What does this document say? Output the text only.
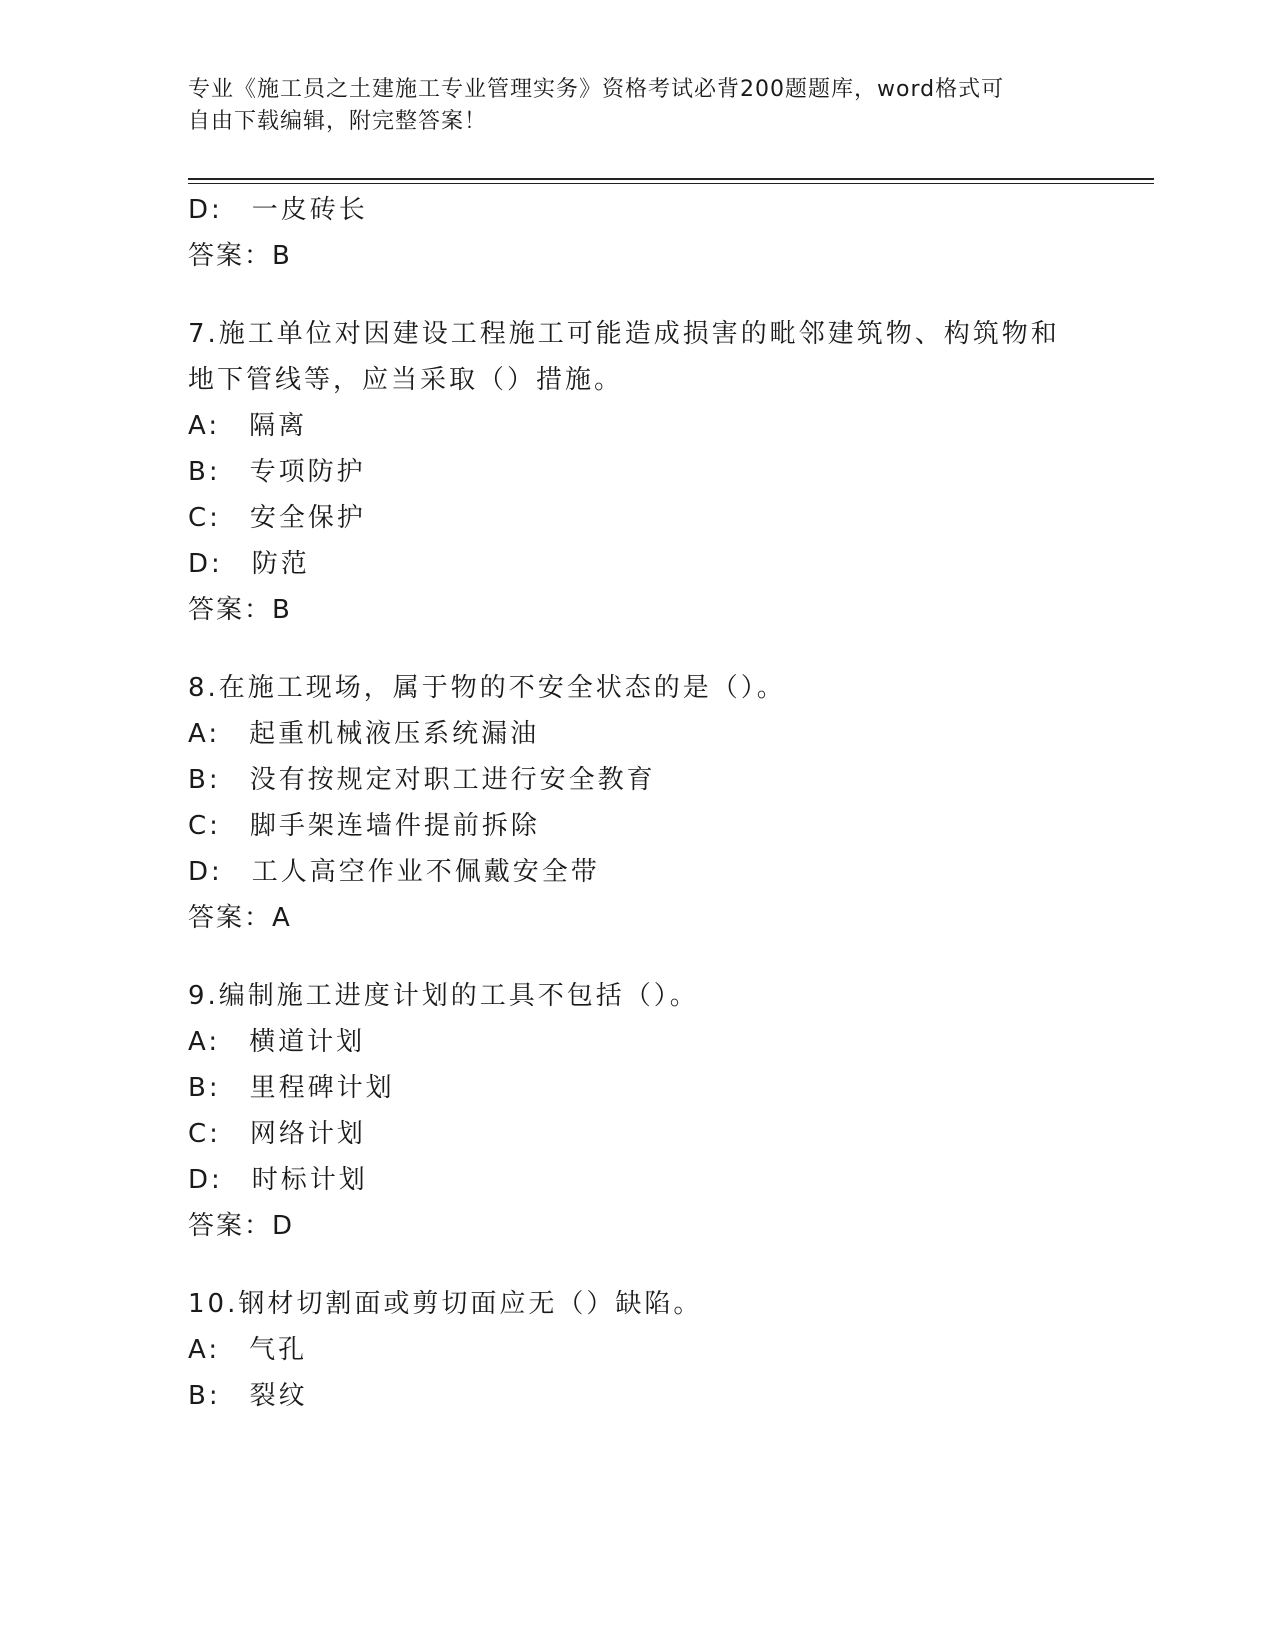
专业《施工员之土建施工专业管理实务》资格考试必背200题题库，word格式可
自由下载编辑，附完整答案！
D:　一皮砖长
答案：B
7.施工单位对因建设工程施工可能造成损害的毗邻建筑物、构筑物和
地下管线等，应当采取（）措施。
A:　隔离
B:　专项防护
C:　安全保护
D:　防范
答案：B
8.在施工现场，属于物的不安全状态的是（）。
A:　起重机械液压系统漏油
B:　没有按规定对职工进行安全教育
C:　脚手架连墙件提前拆除
D:　工人高空作业不佩戴安全带
答案：A
9.编制施工进度计划的工具不包括（）。
A:　横道计划
B:　里程碑计划
C:　网络计划
D:　时标计划
答案：D
10.钢材切割面或剪切面应无（）缺陷。
A:　气孔
B:　裂纹
